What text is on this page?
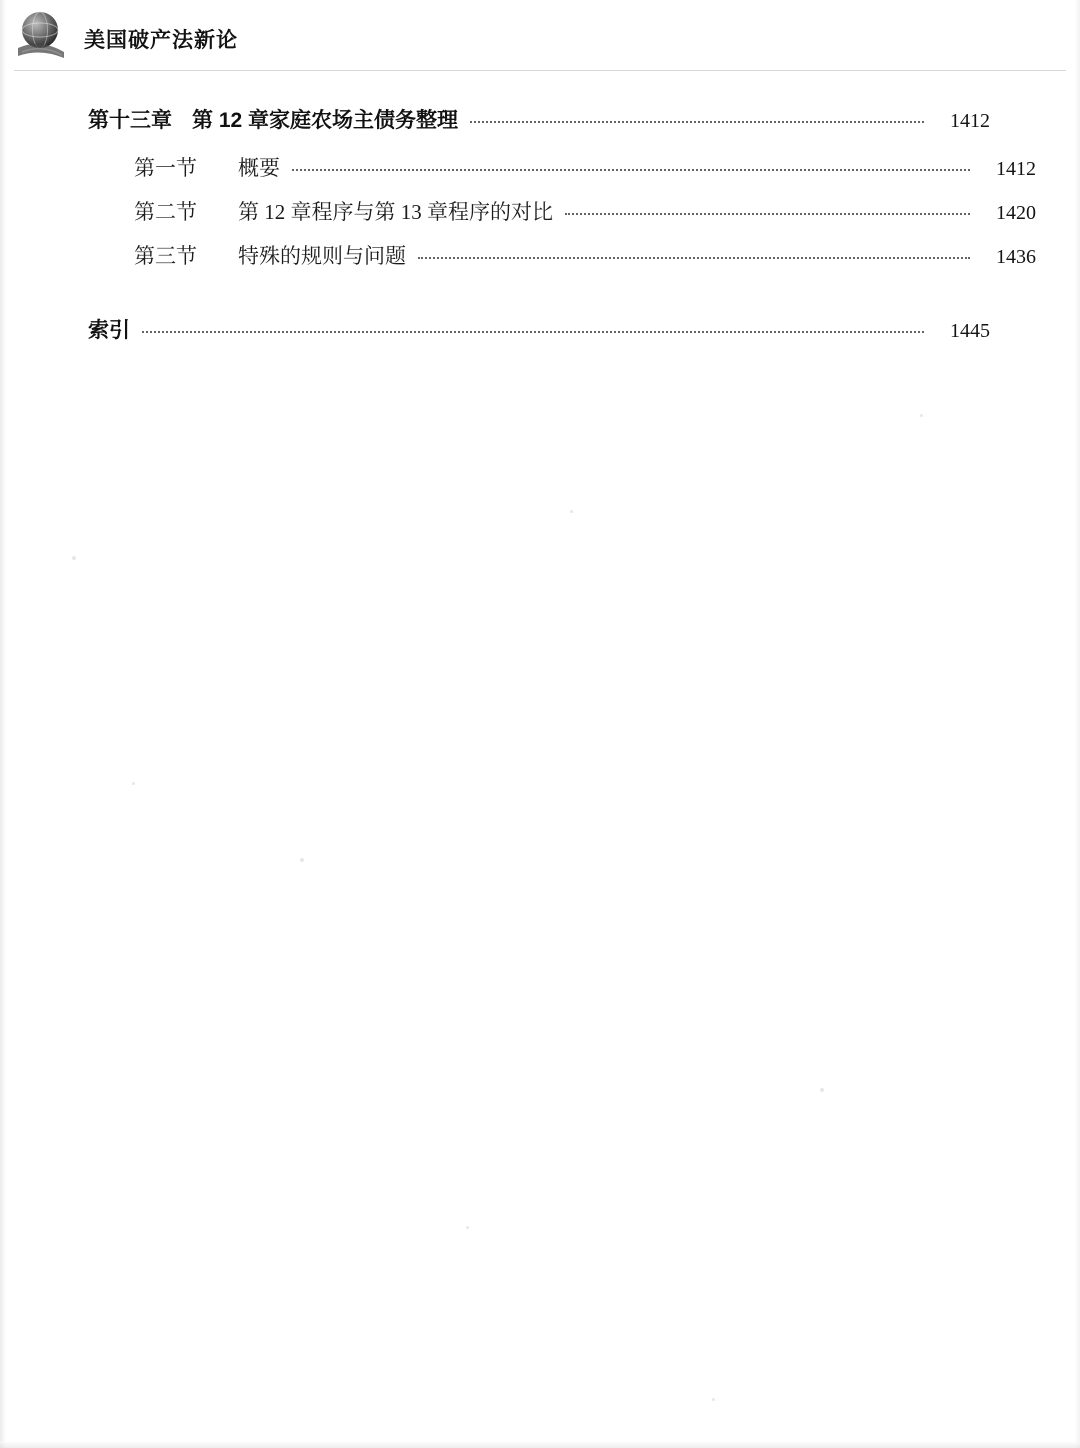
美国破产法新论
第十三章 第 12 章家庭农场主债务整理	1412
第一节 概要	1412
第二节 第 12 章程序与第 13 章程序的对比	1420
第三节 特殊的规则与问题	1436
索引	1445
